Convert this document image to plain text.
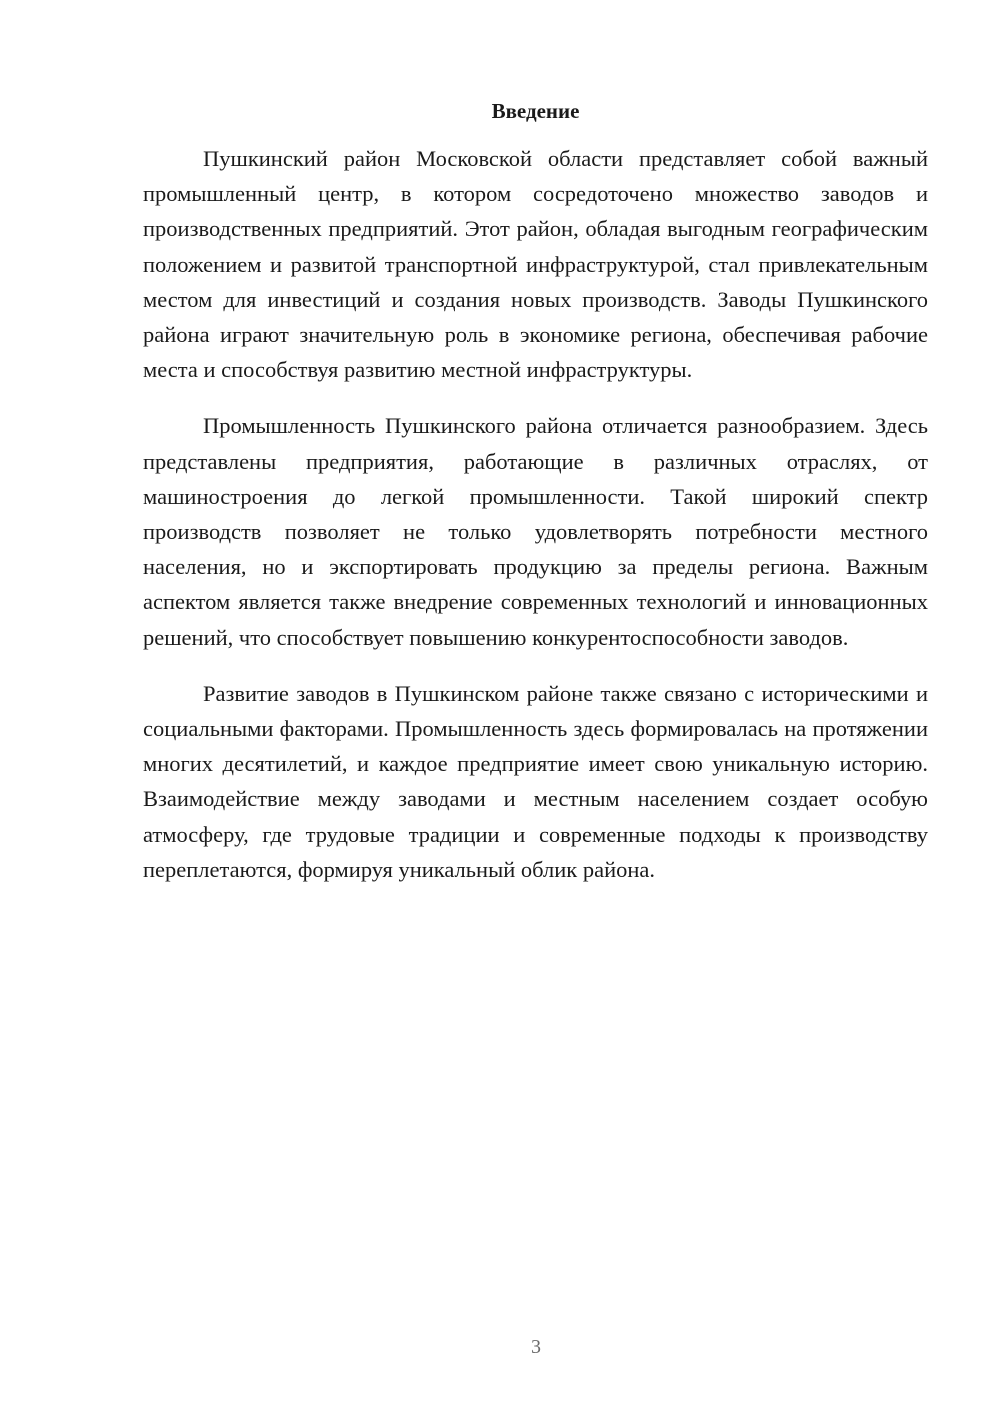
Введение

Пушкинский район Московской области представляет собой важный промышленный центр, в котором сосредоточено множество заводов и производственных предприятий. Этот район, обладая выгодным географическим положением и развитой транспортной инфраструктурой, стал привлекательным местом для инвестиций и создания новых производств. Заводы Пушкинского района играют значительную роль в экономике региона, обеспечивая рабочие места и способствуя развитию местной инфраструктуры.

Промышленность Пушкинского района отличается разнообразием. Здесь представлены предприятия, работающие в различных отраслях, от машиностроения до легкой промышленности. Такой широкий спектр производств позволяет не только удовлетворять потребности местного населения, но и экспортировать продукцию за пределы региона. Важным аспектом является также внедрение современных технологий и инновационных решений, что способствует повышению конкурентоспособности заводов.

Развитие заводов в Пушкинском районе также связано с историческими и социальными факторами. Промышленность здесь формировалась на протяжении многих десятилетий, и каждое предприятие имеет свою уникальную историю. Взаимодействие между заводами и местным населением создает особую атмосферу, где трудовые традиции и современные подходы к производству переплетаются, формируя уникальный облик района.

3
